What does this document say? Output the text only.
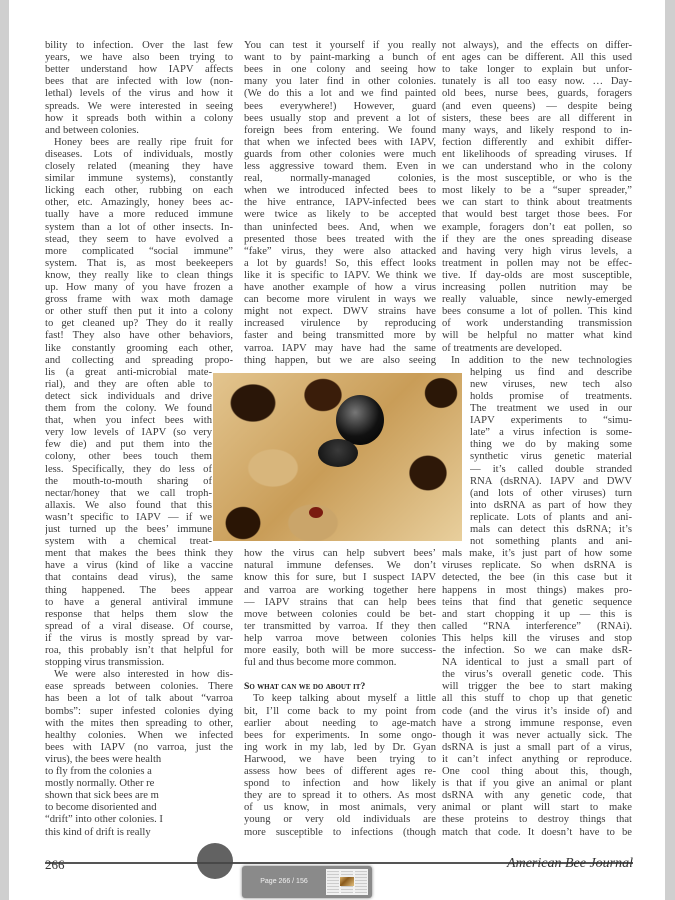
bility to infection. Over the last few
years, we have also been trying to
better understand how IAPV affects
bees that are infected with low (non-
lethal) levels of the virus and how it
spreads. We were interested in seeing
how it spreads both within a colony
and between colonies.
Honey bees are really ripe fruit for
diseases. Lots of individuals, mostly
closely related (meaning they have
similar immune systems), constantly
licking each other, rubbing on each
other, etc. Amazingly, honey bees ac-
tually have a more reduced immune
system than a lot of other insects. In-
stead, they seem to have evolved a
more complicated “social immune”
system. That is, as most beekeepers
know, they really like to clean things
up. How many of you have frozen a
gross frame with wax moth damage
or other stuff then put it into a colony
to get cleaned up? They do it really
fast! They also have other behaviors,
like constantly grooming each other,
and collecting and spreading propo-
lis (a great anti-microbial mate-
rial), and they are often able to
detect sick individuals and drive
them from the colony. We found
that, when you infect bees with
very low levels of IAPV (so very
few die) and put them into the
colony, other bees touch them
less. Specifically, they do less of
the mouth-to-mouth sharing of
nectar/honey that we call troph-
allaxis. We also found that this
wasn’t specific to IAPV — if we
just turned up the bees’ immune
system with a chemical treat-
ment that makes the bees think they
have a virus (kind of like a vaccine
that contains dead virus), the same
thing happened. The bees appear
to have a general antiviral immune
response that helps them slow the
spread of a viral disease. Of course,
if the virus is mostly spread by var-
roa, this probably isn’t that helpful for
stopping virus transmission.
We were also interested in how dis-
ease spreads between colonies. There
has been a lot of talk about “varroa
bombs”: super infested colonies dying
with the mites then spreading to other,
healthy colonies. When we infected
bees with IAPV (no varroa, just the
virus), the bees were health
to fly from the colonies a
mostly normally. Other re
shown that sick bees are m
to become disoriented and
“drift” into other colonies. I
this kind of drift is really
You can test it yourself if you really
want to by paint-marking a bunch of
bees in one colony and seeing how
many you later find in other colonies.
(We do this a lot and we find painted
bees everywhere!) However, guard
bees usually stop and prevent a lot of
foreign bees from entering. We found
that when we infected bees with IAPV,
guards from other colonies were much
less aggressive toward them. Even in
real, normally-managed colonies,
when we introduced infected bees to
the hive entrance, IAPV-infected bees
were twice as likely to be accepted
than uninfected bees. And, when we
presented those bees treated with the
“fake” virus, they were also attacked
a lot by guards! So, this effect looks
like it is specific to IAPV. We think we
have another example of how a virus
can become more virulent in ways we
might not expect. DWV strains have
increased virulence by reproducing
faster and being transmitted more by
varroa. IAPV may have had the same
thing happen, but we are also seeing
how the virus can help subvert bees’
natural immune defenses. We don’t
know this for sure, but I suspect IAPV
and varroa are working together here
— IAPV strains that can help bees
move between colonies could be bet-
ter transmitted by varroa. If they then
help varroa move between colonies
more easily, both will be more success-
ful and thus become more common.
So what can we do about it?
To keep talking about myself a little
bit, I’ll come back to my point from
earlier about needing to age-match
bees for experiments. In some ongo-
ing work in my lab, led by Dr. Gyan
Harwood, we have been trying to
assess how bees of different ages re-
spond to infection and how likely
they are to spread it to others. As most
of us know, in most animals, very
young or very old individuals are
more susceptible to infections (though
not always), and the effects on differ-
ent ages can be different. All this used
to take longer to explain but unfor-
tunately is all too easy now. … Day-
old bees, nurse bees, guards, foragers
(and even queens) — despite being
sisters, these bees are all different in
many ways, and likely respond to in-
fection differently and exhibit differ-
ent likelihoods of spreading viruses. If
we can understand who in the colony
is the most susceptible, or who is the
most likely to be a “super spreader,”
we can start to think about treatments
that would best target those bees. For
example, foragers don’t eat pollen, so
if they are the ones spreading disease
and having very high virus levels, a
treatment in pollen may not be effec-
tive. If day-olds are most susceptible,
increasing pollen nutrition may be
really valuable, since newly-emerged
bees consume a lot of pollen. This kind
of work understanding transmission
will be helpful no matter what kind
of treatments are developed.
In addition to the new technologies
helping us find and describe
new viruses, new tech also
holds promise of treatments.
The treatment we used in our
IAPV experiments to “simu-
late” a virus infection is some-
thing we do by making some
synthetic virus genetic material
— it’s called double stranded
RNA (dsRNA). IAPV and DWV
(and lots of other viruses) turn
into dsRNA as part of how they
replicate. Lots of plants and ani-
mals can detect this dsRNA; it’s
not something plants and ani-
mals make, it’s just part of how some
viruses replicate. So when dsRNA is
detected, the bee (in this case but it
happens in most things) makes pro-
teins that find that genetic sequence
and start chopping it up — this is
called “RNA interference” (RNAi).
This helps kill the viruses and stop
the infection. So we can make dsR-
NA identical to just a small part of
the virus’s overall genetic code. This
will trigger the bee to start making
all this stuff to chop up that genetic
code (and the virus it’s inside of) and
have a strong immune response, even
though it was never actually sick. The
dsRNA is just a small part of a virus,
it can’t infect anything or reproduce.
One cool thing about this, though,
is that if you give an animal or plant
dsRNA with any genetic code, that
animal or plant will start to make
these proteins to destroy things that
match that code. It doesn’t have to be
266	American Bee Journal
Page 266 / 156
